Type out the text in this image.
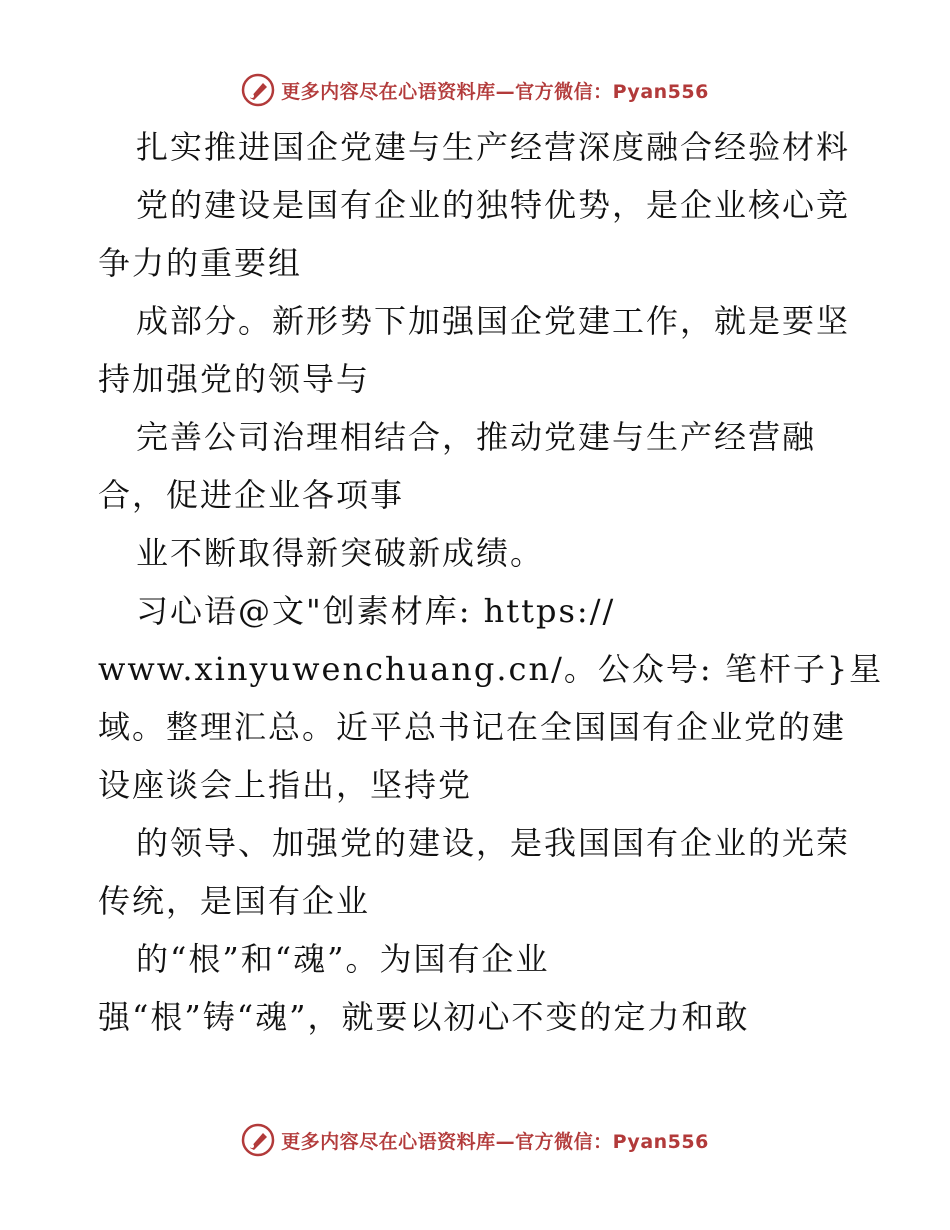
更多内容尽在心语资料库—官方微信：Pyan556
扎实推进国企党建与生产经营深度融合经验材料
党的建设是国有企业的独特优势，是企业核心竞
争力的重要组
成部分。新形势下加强国企党建工作，就是要坚
持加强党的领导与
完善公司治理相结合，推动党建与生产经营融
合，促进企业各项事
业不断取得新突破新成绩。
习心语@文"创素材库: https://
www.xinyuwenchuang.cn/。公众号: 笔杆子}星
域。整理汇总。近平总书记在全国国有企业党的建
设座谈会上指出，坚持党
的领导、加强党的建设，是我国国有企业的光荣
传统，是国有企业
的“根”和“魂”。为国有企业
强“根”铸“魂”，就要以初心不变的定力和敢
更多内容尽在心语资料库—官方微信：Pyan556
